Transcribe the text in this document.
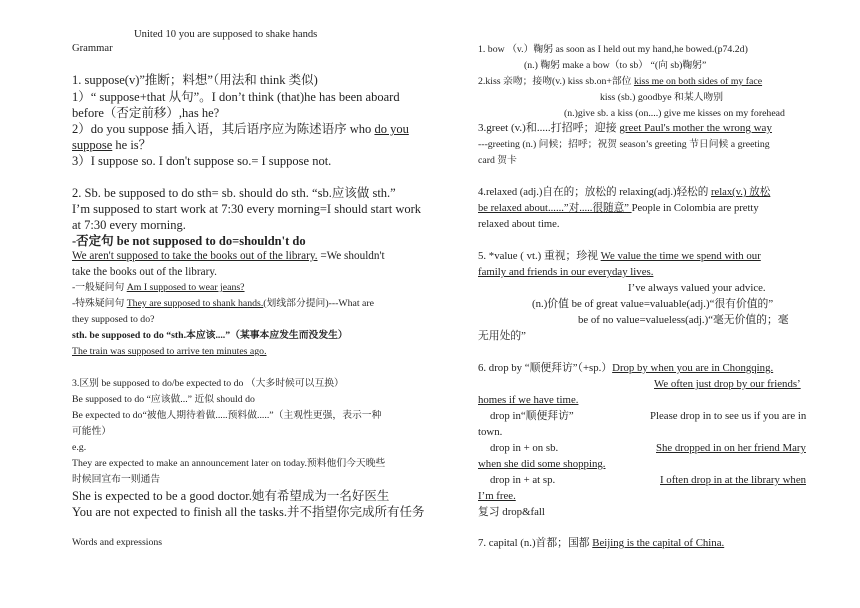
United 10 you are supposed to shake hands
Grammar
1. suppose(v)”推断；料想”（用法和 think 类似)
1）“ suppose+that 从句”。I don’t think (that)he has been aboard
before（否定前移）,has he?
2）do you suppose 插入语，其后语序应为陈述语序 who do you
suppose he is？
3）I suppose so. I don't suppose so.= I suppose not.
2. Sb. be supposed to do sth= sb. should do sth. “sb.应该做 sth.”
I’m supposed to start work at 7:30 every morning=I should start work
at 7:30 every morning.
-否定句 be not supposed to do=shouldn't do
We aren't supposed to take the books out of the library. =We shouldn't
take the books out of the library.
-一般疑问句 Am I supposed to wear jeans?
-特殊疑问句 They are supposed to shank hands.(划线部分提问)---What are
they supposed to do?
sth. be supposed to do “sth.本应该....”（某事本应发生而没发生）
The train was supposed to arrive ten minutes ago.
3.区别 be supposed to do/be expected to do （大多时候可以互换）
Be supposed to do “应该做...” 近似 should do
Be expected to do“被他人期待着做.....预料做.....”（主观性更强，表示一种
可能性）
e.g.
They are expected to make an announcement later on today.预料他们今天晚些
时候回宣布一则通告
She is expected to be a good doctor.她有希望成为一名好医生
You are not expected to finish all the tasks.并不指望你完成所有任务
Words and expressions
1. bow （v.）鞠躬 as soon as I held out my hand,he bowed.(p74.2d)
(n.) 鞠躬 make a bow（to sb） “(向 sb)鞠躬”
2.kiss 亲吻；接吻(v.) kiss sb.on+部位 kiss me on both sides of my face
kiss (sb.) goodbye 和某人吻别
(n.)give sb. a kiss (on....) give me kisses on my forehead
3.greet (v.)和.....打招呼；迎接 greet Paul's mother the wrong way
---greeting (n.) 问候；招呼；祝贺 season’s greeting 节日问候 a greeting
card 贺卡
4.relaxed (adj.)自在的；放松的 relaxing(adj.)轻松的 relax(v.) 放松
be relaxed about......”对.....很随意” People in Colombia are pretty
relaxed about time.
5. *value ( vt.) 重视；珍视 We value the time we spend with our
family and friends in our everyday lives.
I’ve always valued your advice.
(n.)价值 be of great value=valuable(adj.)“很有价值的”
be of no value=valueless(adj.)“毫无价值的；毫
无用处的”
6. drop by “顺便拜访”（+sp.）Drop by when you are in Chongqing.
We often just drop by our friends’
homes if we have time.
drop in“顺便拜访”	Please drop in to see us if you are in
town.
drop in + on sb.	She dropped in on her friend Mary
when she did some shopping.
drop in + at sp.	I often drop in at the library when
I’m free.
复习 drop&fall
7. capital (n.)首都；国都 Beijing is the capital of China.
